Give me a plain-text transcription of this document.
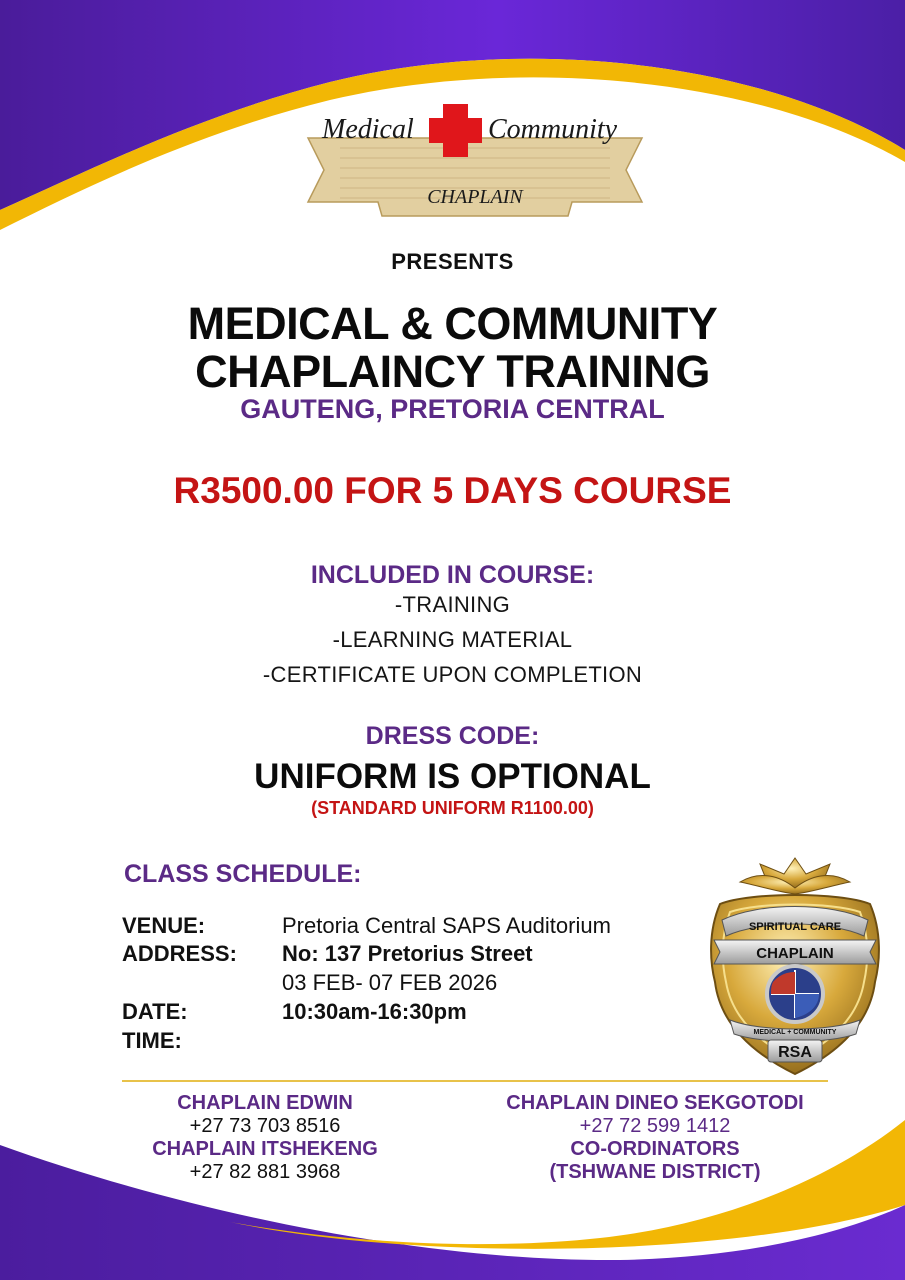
Medical	Community
CHAPLAIN
PRESENTS
MEDICAL & COMMUNITY
CHAPLAINCY TRAINING
GAUTENG, PRETORIA CENTRAL
R3500.00 FOR 5 DAYS COURSE
INCLUDED IN COURSE:
-TRAINING
-LEARNING MATERIAL
-CERTIFICATE UPON COMPLETION
DRESS CODE:
UNIFORM IS OPTIONAL
(STANDARD UNIFORM R1100.00)
CLASS SCHEDULE:
VENUE:
ADDRESS:
DATE:
TIME:
Pretoria Central SAPS Auditorium
No: 137 Pretorius Street
03 FEB- 07 FEB 2026
10:30am-16:30pm
SPIRITUAL CARE
CHAPLAIN
MEDICAL + COMMUNITY
RSA
CHAPLAIN EDWIN
+27 73 703 8516
CHAPLAIN ITSHEKENG
+27 82 881 3968
CHAPLAIN DINEO SEKGOTODI
+27 72 599 1412
CO-ORDINATORS
(TSHWANE DISTRICT)
